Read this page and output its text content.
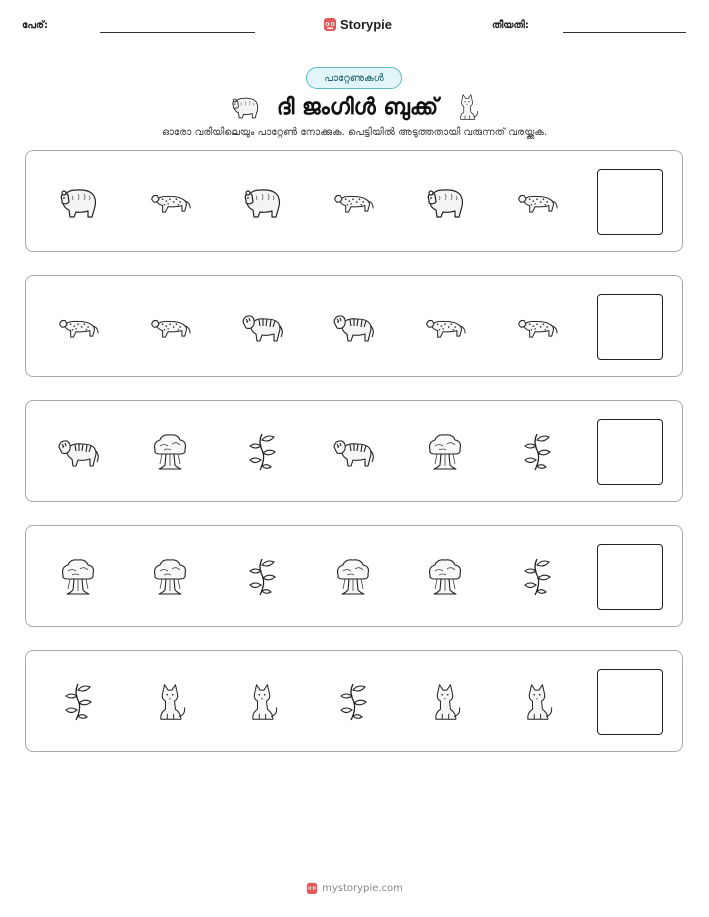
പേര്:	Storypie	തീയതി:
പാറ്റേണുകൾ
ദി ജംഗിൾ ബുക്ക്
ഓരോ വരിയിലെയും പാറ്റേൺ നോക്കുക. പെട്ടിയിൽ അടുത്തതായി വരുന്നത് വരയ്ക്കുക.
mystorypie.com
